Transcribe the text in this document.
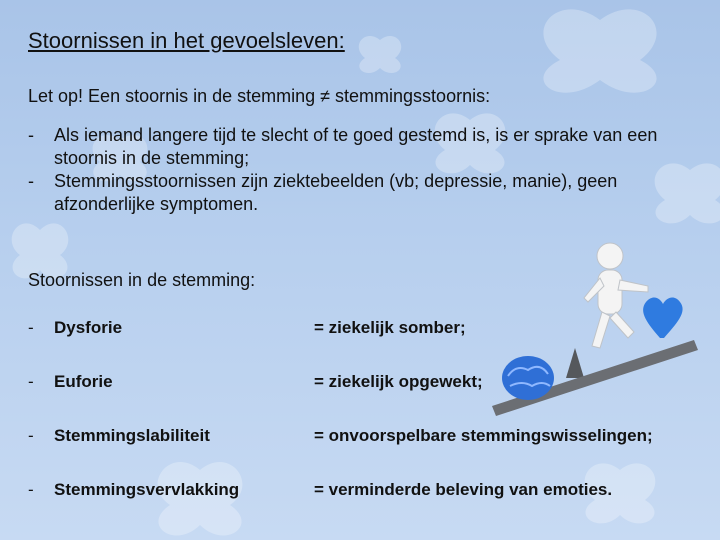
Stoornissen in het gevoelsleven:
Let op! Een stoornis in de stemming ≠ stemmingsstoornis:
- Als iemand langere tijd te slecht of te goed gestemd is, is er sprake van een stoornis in de stemming;
- Stemmingsstoornissen zijn ziektebeelden (vb; depressie, manie), geen afzonderlijke symptomen.
Stoornissen in de stemming:
- Dysforie	= ziekelijk somber;
- Euforie	= ziekelijk opgewekt;
- Stemmingslabiliteit	= onvoorspelbare stemmingswisselingen;
- Stemmingsvervlakking	= verminderde beleving van emoties.
